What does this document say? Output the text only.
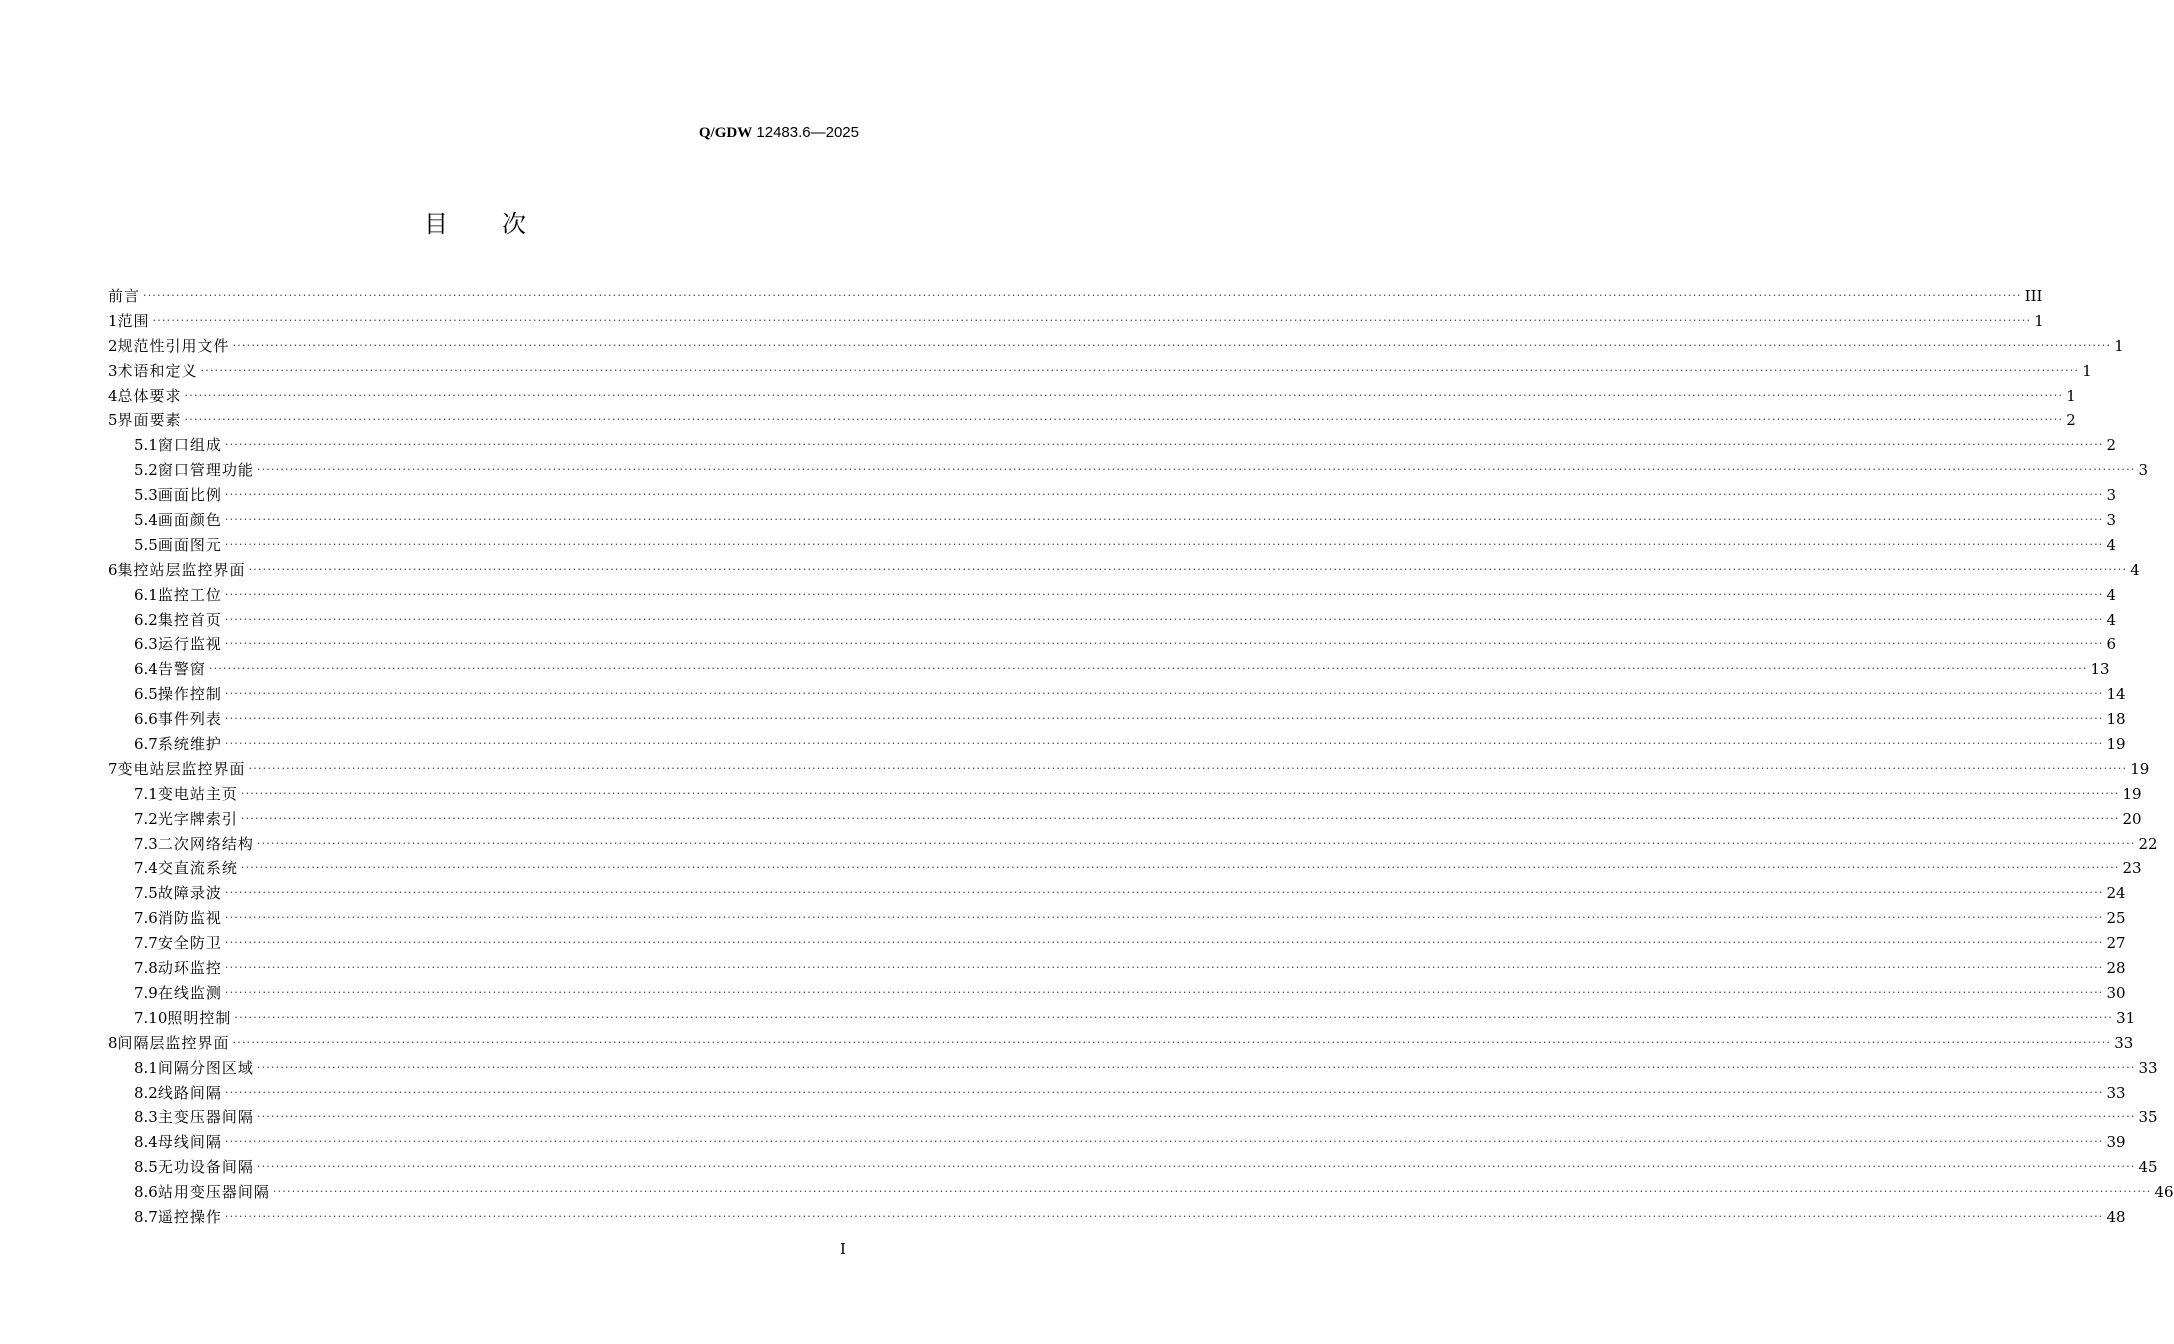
Q/GDW 12483.6—2025
目次
前言 ················································································································································································································································································································································································································ III
1 范围 ················································································································································································································································································································································································································ 1
2 规范性引用文件 ················································································································································································································································································································································································································ 1
3 术语和定义 ················································································································································································································································································································································································································ 1
4 总体要求 ················································································································································································································································································································································································································ 1
5 界面要素 ················································································································································································································································································································································································································ 2
5.1 窗口组成 ················································································································································································································································································································································································································ 2
5.2 窗口管理功能 ················································································································································································································································································································································································································ 3
5.3 画面比例 ················································································································································································································································································································································································································ 3
5.4 画面颜色 ················································································································································································································································································································································································································ 3
5.5 画面图元 ················································································································································································································································································································································································································ 4
6 集控站层监控界面 ················································································································································································································································································································································································································ 4
6.1 监控工位 ················································································································································································································································································································································································································ 4
6.2 集控首页 ················································································································································································································································································································································································································ 4
6.3 运行监视 ················································································································································································································································································································································································································ 6
6.4 告警窗 ················································································································································································································································································································································································································ 13
6.5 操作控制 ················································································································································································································································································································································································································ 14
6.6 事件列表 ················································································································································································································································································································································································································ 18
6.7 系统维护 ················································································································································································································································································································································································································ 19
7 变电站层监控界面 ················································································································································································································································································································································································································ 19
7.1 变电站主页 ················································································································································································································································································································································································································ 19
7.2 光字牌索引 ················································································································································································································································································································································································································ 20
7.3 二次网络结构 ················································································································································································································································································································································································································ 22
7.4 交直流系统 ················································································································································································································································································································································································································ 23
7.5 故障录波 ················································································································································································································································································································································································································ 24
7.6 消防监视 ················································································································································································································································································································································································································ 25
7.7 安全防卫 ················································································································································································································································································································································································································ 27
7.8 动环监控 ················································································································································································································································································································································································································ 28
7.9 在线监测 ················································································································································································································································································································································································································ 30
7.10 照明控制 ················································································································································································································································································································································································································ 31
8 间隔层监控界面 ················································································································································································································································································································································································································ 33
8.1 间隔分图区域 ················································································································································································································································································································································································································ 33
8.2 线路间隔 ················································································································································································································································································································································································································ 33
8.3 主变压器间隔 ················································································································································································································································································································································································································ 35
8.4 母线间隔 ················································································································································································································································································································································································································ 39
8.5 无功设备间隔 ················································································································································································································································································································································································································ 45
8.6 站用变压器间隔 ················································································································································································································································································································································································································ 46
8.7 遥控操作 ················································································································································································································································································································································································································ 48
I
